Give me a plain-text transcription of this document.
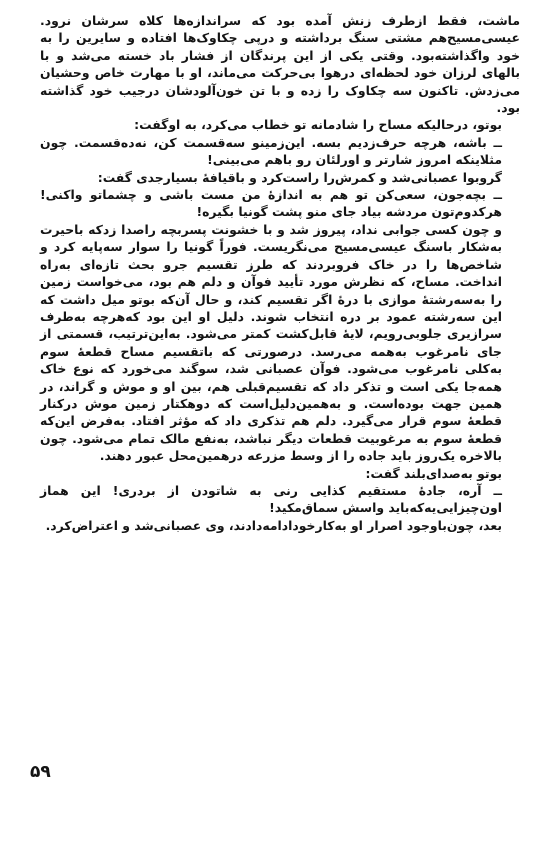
ماشت، فقط ازطرف زنش آمده بود که سراندازه‌ها کلاه سرشان نرود. عیسی‌مسیح‌هم مشتی سنگ برداشته و درپی چکاوک‌ها افتاده و سایرین را به خود واگذاشته‌بود. وقتی یکی از این پرندگان از فشار باد خسته می‌شد و با بالهای لرزان خود لحظه‌ای درهوا بی‌حرکت می‌ماند، او با مهارت خاص وحشیان می‌زدش. تاکنون سه چکاوک را زده و با تن خون‌آلودشان درجیب خود گذاشته بود.

بوتو، درحالیکه مساح را شادمانه تو خطاب می‌کرد، به اوگفت:

ــ باشه، هرچه حرف‌زدیم بسه. این‌زمینو سه‌قسمت کن، نه‌ده‌قسمت. چون مثلاینکه امروز شارتر و اورلئان رو باهم می‌بینی!

گروبوا عصبانی‌شد و کمرش‌را راست‌کرد و باقیافهٔ بسیارجدی گفت:

ــ بچه‌جون، سعی‌کن تو هم به اندازهٔ من مست باشی و چشماتو واکنی! هرکدوم‌تون مردشه بیاد جای منو پشت گونیا بگیره!

و چون کسی جوابی نداد، پیروز شد و با خشونت پسربچه راصدا زدکه باحیرت به‌شکار باسنگ عیسی‌مسیح می‌نگریست. فوراً گونیا را سوار سه‌پایه کرد و شاخص‌ها را در خاک فروبردند که طرز تقسیم جرو بحث تازه‌ای به‌راه انداخت. مساح، که نظرش مورد تأیید فوآن و دلم هم بود، می‌خواست زمین را به‌سه‌رشتهٔ موازی با درهٔ اگر تقسیم کند، و حال آن‌که بوتو میل داشت که این سه‌رشته عمود بر دره انتخاب شوند. دلیل او این بود که‌هرچه به‌طرف سرازیری جلوبی‌رویم، لایهٔ قابل‌کشت کمتر می‌شود. به‌این‌ترتیب، قسمتی از جای نامرغوب به‌همه می‌رسد. درصورتی که باتقسیم مساح قطعهٔ سوم به‌کلی نامرغوب می‌شود. فوآن عصبانی شد، سوگند می‌خورد که نوع خاک همه‌جا یکی است و تذکر داد که تقسیم‌قبلی هم، بین او و موش و گراند، در همین جهت بوده‌است. و به‌همین‌دلیل‌است که دوهکتار زمین موش درکنار قطعهٔ سوم قرار می‌گیرد. دلم هم تذکری داد که مؤثر افتاد. به‌فرض این‌که قطعهٔ سوم به مرغوبیت قطعات دیگر نباشد، به‌نفع مالک تمام می‌شود. چون بالاخره یک‌روز باید جاده را از وسط مزرعه درهمین‌محل عبور دهند.

بوتو به‌صدای‌بلند گفت:

ــ آره، جادهٔ مستقیم کذایی رنی به شاتودن از بردری! این هماز اون‌چیزایی‌یه‌که‌باید واسش سماق‌مکید!

بعد، چون‌باوجود اصرار او به‌کارخودادامه‌دادند، وی عصبانی‌شد و اعتراض‌کرد.

۵۹
